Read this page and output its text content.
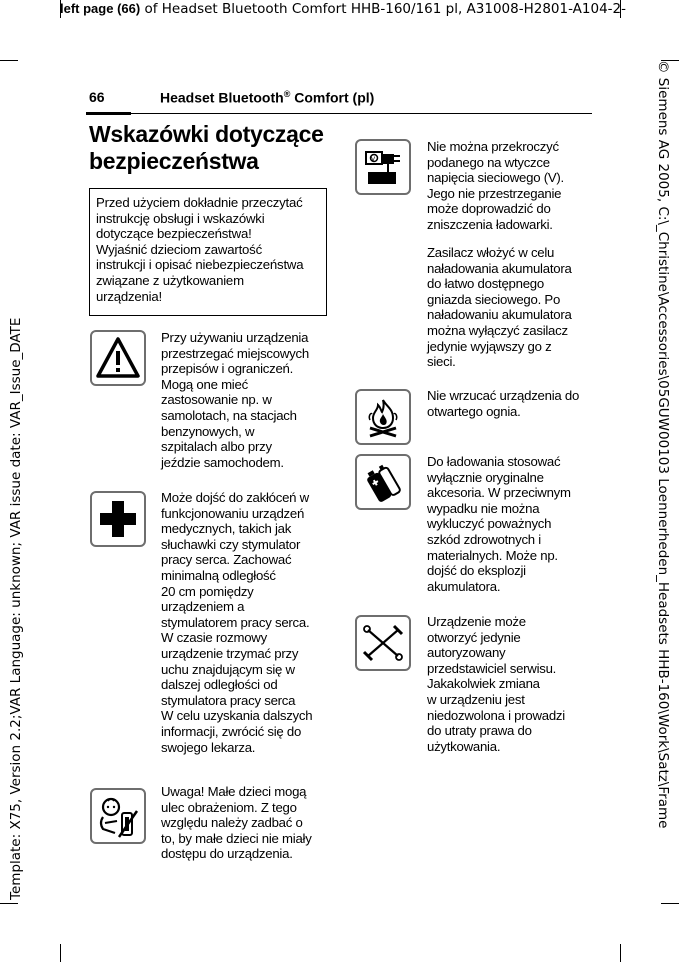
left page (66) of Headset Bluetooth Comfort HHB-160/161 pl, A31008-H2801-A104-2-
Template: X75, Version 2.2;VAR Language: unknown; VAR issue date: VAR_Issue_DATE	© Siemens AG 2005, C:\_Christine\Accessories\05GUW00103 Loennerheden_Headsets HHB-160\Work\Satz\Frame
66	Headset Bluetooth® Comfort (pl)
Wskazówki dotyczące
bezpieczeństwa

Przed użyciem dokładnie przeczytać

instrukcję obsługi i wskazówki

dotyczące bezpieczeństwa!

Wyjaśnić dzieciom zawartość

instrukcji i opisać niebezpieczeństwa

związane z użytkowaniem

urządzenia!

Przy używaniu urządzenia
przestrzegać miejscowych
przepisów i ograniczeń.
Mogą one mieć
zastosowanie np. w
samolotach, na stacjach
benzynowych, w
szpitalach albo przy
jeździe samochodem.
Może dojść do zakłóceń w
funkcjonowaniu urządzeń
medycznych, takich jak
słuchawki czy stymulator
pracy serca. Zachować
minimalną odległość
20 cm pomiędzy
urządzeniem a
stymulatorem pracy serca.
W czasie rozmowy
urządzenie trzymać przy
uchu znajdującym się w
dalszej odległości od
stymulatora pracy serca
W celu uzyskania dalszych
informacji, zwrócić się do
swojego lekarza.
Uwaga! Małe dzieci mogą
ulec obrażeniom. Z tego
względu należy zadbać o
to, by małe dzieci nie miały
dostępu do urządzenia.
V
Nie można przekroczyć
podanego na wtyczce
napięcia sieciowego (V).
Jego nie przestrzeganie
może doprowadzić do
zniszczenia ładowarki.
Zasilacz włożyć w celu
naładowania akumulatora
do łatwo dostępnego
gniazda sieciowego. Po
naładowaniu akumulatora
można wyłączyć zasilacz
jedynie wyjąwszy go z
sieci.
Nie wrzucać urządzenia do
otwartego ognia.
Do ładowania stosować
wyłącznie oryginalne
akcesoria. W przeciwnym
wypadku nie można
wykluczyć poważnych
szkód zdrowotnych i
materialnych. Może np.
dojść do eksplozji
akumulatora.
Urządzenie może
otworzyć jedynie
autoryzowany
przedstawiciel serwisu.
Jakakolwiek zmiana
w urządzeniu jest
niedozwolona i prowadzi
do utraty prawa do
użytkowania.
